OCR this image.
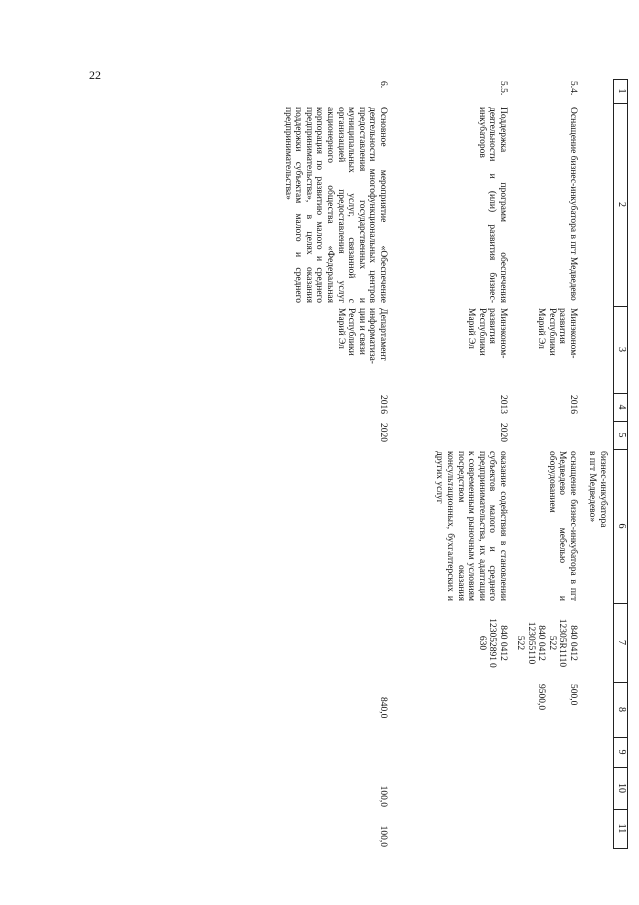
22
1
2
3
4
5
6
7
8
9
10
11
бизнес-инкубатора
в пгт Медведево»
5.4.
Оснащение бизнес-инкубатора в пгт Медведево
Минэконом-
развития
Республики
Марий Эл
2016
оснащение бизнес-инкубатора в пгт Медведево мебелью и оборудованием
840 0412
12305R1110
522
840 0412
123055110
522
500,0

9500,0
5.5.
Поддержка программ обеспечения деятельности и (или) развития бизнес-инкубаторов
Минэконом-
развития
Республики
Марий Эл
2013
2020
оказание содействия в становлении субъектов малого и среднего предпринимательства, их адаптации к современным рыночным условиям посредством оказания консультационных, бухгалтерских и других услуг
840 0412
123052891 0
630
6.
Основное мероприятие «Обеспечение деятельности многофункциональных центров предоставления государственных и муниципальных услуг, связанной с организацией предоставления услуг акционерного общества «Федеральная корпорация по развитию малого и среднего предпринимательства», в целях оказания поддержки субъектам малого и среднего предпринимательства»
Департамент
информатиза-
ции и связи
Республики
Марий Эл
2016
2020
840,0
100,0
100,0
